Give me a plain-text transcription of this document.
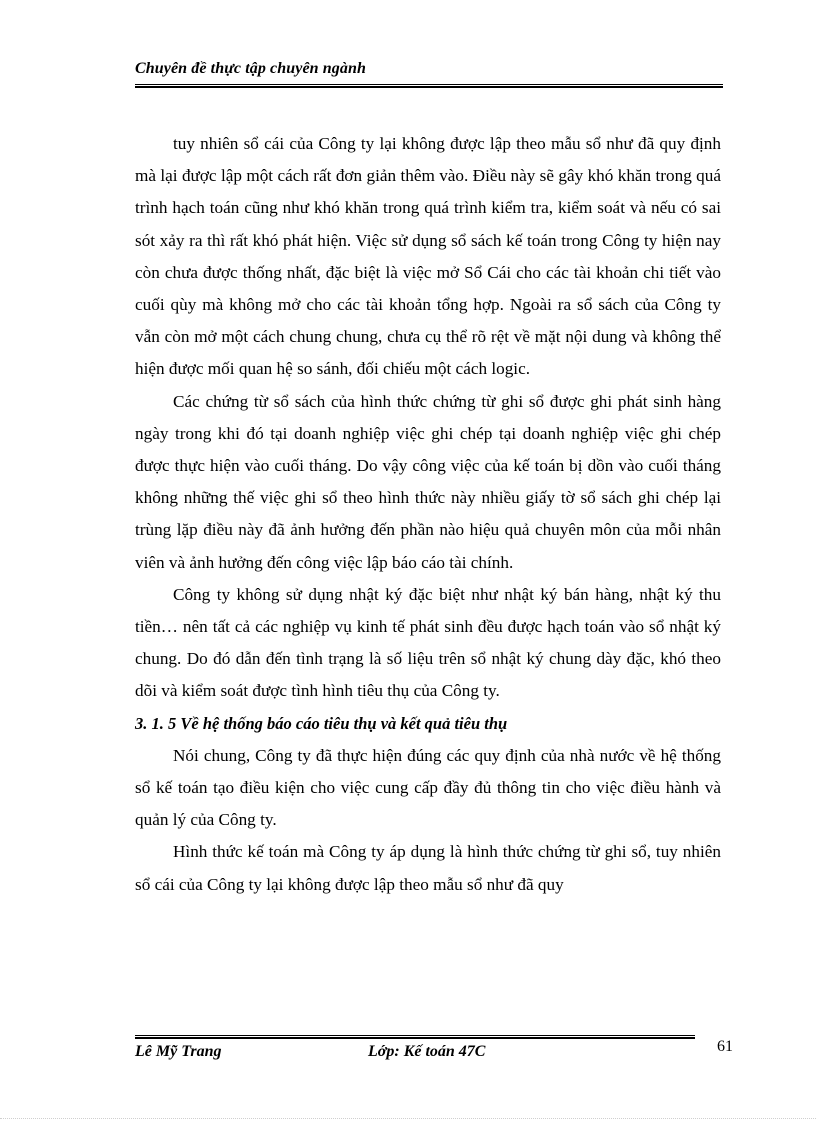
Chuyên đề thực tập chuyên ngành

tuy nhiên sổ cái của Công ty lại không được lập theo mẫu sổ như đã quy định mà lại được lập một cách rất đơn giản thêm vào. Điều này sẽ gây khó khăn trong quá trình hạch toán cũng như khó khăn trong quá trình kiểm tra, kiểm soát và nếu có sai sót xảy ra thì rất khó phát hiện. Việc sử dụng sổ sách kế toán trong Công ty hiện nay còn chưa được thống nhất, đặc biệt là việc mở Sổ Cái cho các tài khoản chi tiết vào cuối qùy mà không mở cho các tài khoản tổng hợp. Ngoài ra sổ sách của Công ty vẫn còn mở một cách chung chung, chưa cụ thể rõ rệt về mặt nội dung và không thể hiện được mối quan hệ so sánh, đối chiếu một cách logic.

Các chứng từ sổ sách của hình thức chứng từ ghi sổ được ghi phát sinh hàng ngày trong khi đó tại doanh nghiệp việc ghi chép tại doanh nghiệp việc ghi chép được thực hiện vào cuối tháng. Do vậy công việc của kế toán bị dồn vào cuối tháng không những thế việc ghi sổ theo hình thức này nhiều giấy tờ sổ sách ghi chép lại trùng lặp điều này đã ảnh hưởng đến phần nào hiệu quả chuyên môn của mỗi nhân viên và ảnh hưởng đến công việc lập báo cáo tài chính.

Công ty không sử dụng nhật ký đặc biệt như nhật ký bán hàng, nhật ký thu tiền… nên tất cả các nghiệp vụ kinh tế phát sinh đều được hạch toán vào sổ nhật ký chung. Do đó dẫn đến tình trạng là số liệu trên sổ nhật ký chung dày đặc, khó theo dõi và kiểm soát được tình hình tiêu thụ của Công ty.

3. 1. 5 Về hệ thống báo cáo tiêu thụ và kết quả tiêu thụ

Nói chung, Công ty đã thực hiện đúng các quy định của nhà nước về hệ thống sổ kế toán tạo điều kiện cho việc cung cấp đầy đủ thông tin cho việc điều hành và quản lý của Công ty.

Hình thức kế toán mà Công ty áp dụng là hình thức chứng từ ghi sổ, tuy nhiên sổ cái của Công ty lại không được lập theo mẫu sổ như đã quy

Lê Mỹ Trang	Lớp: Kế toán 47C	61
